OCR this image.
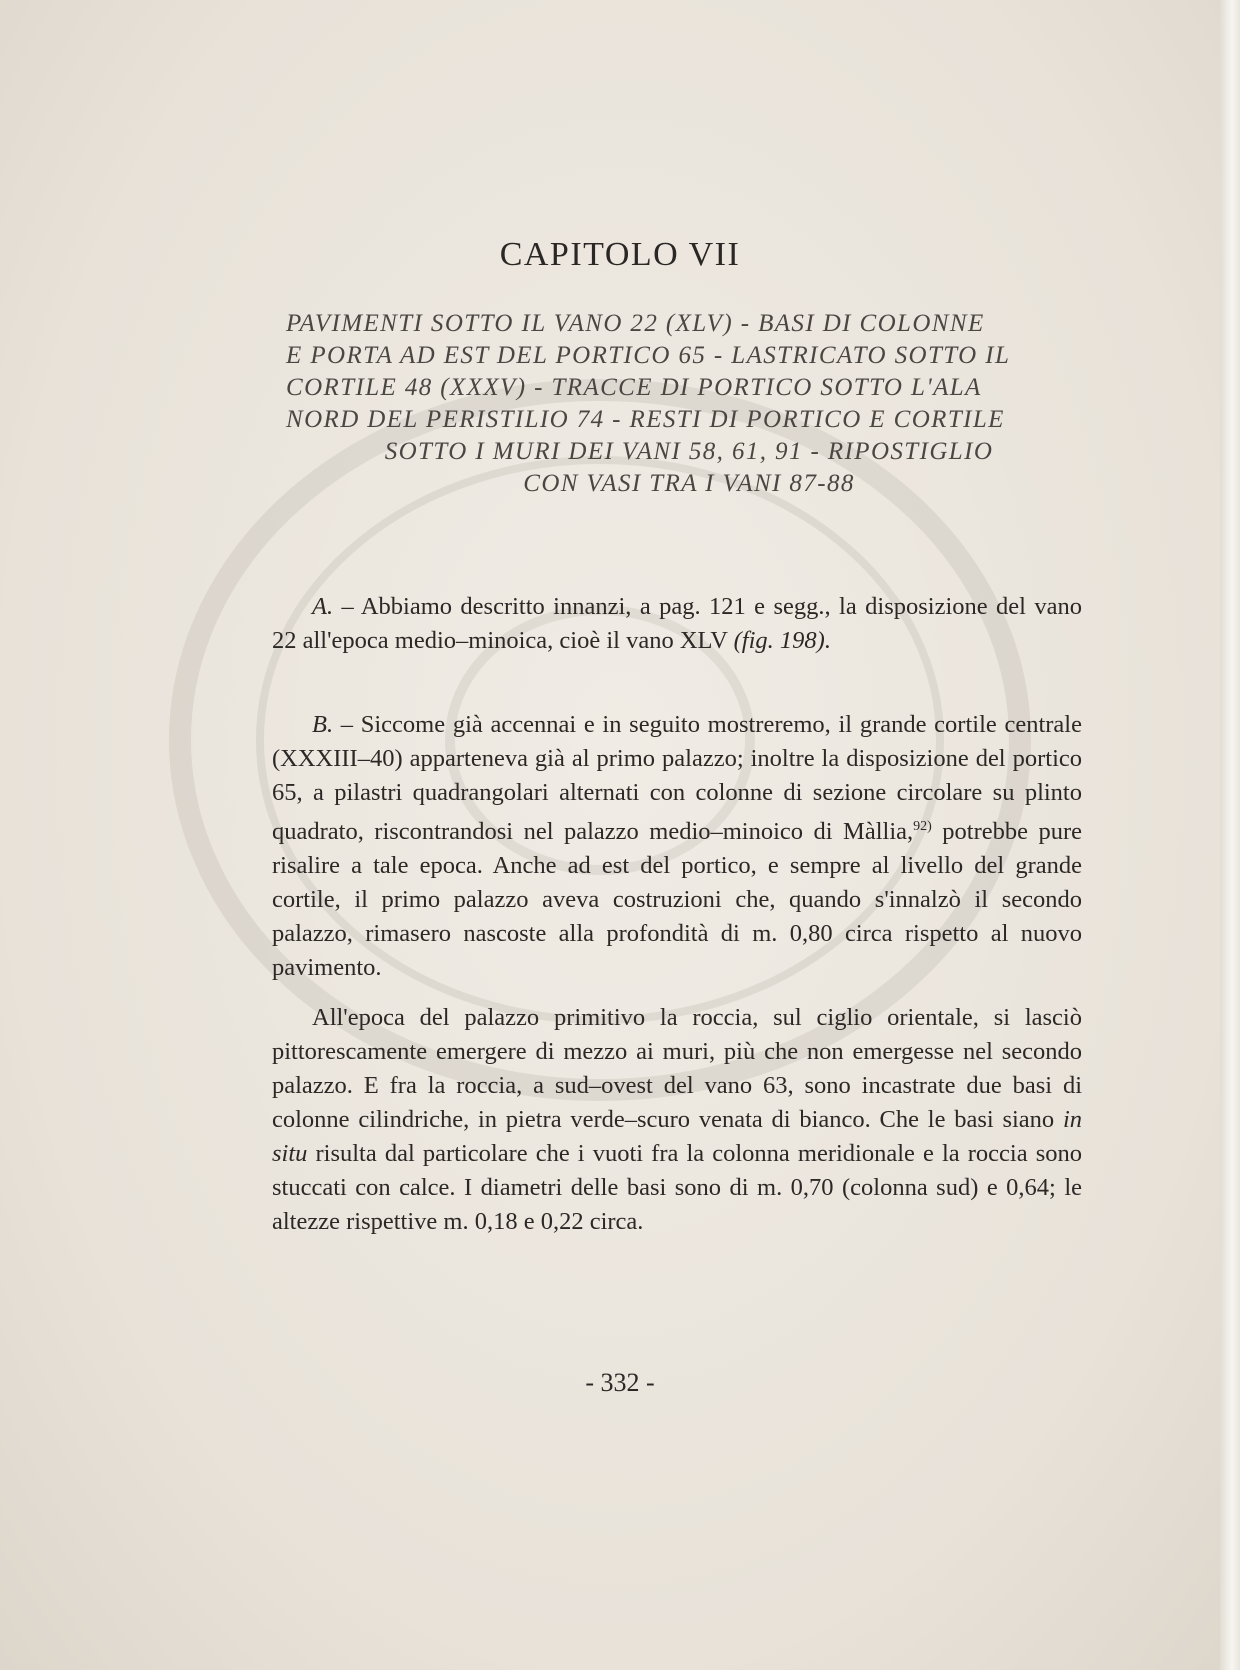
CAPITOLO VII
PAVIMENTI SOTTO IL VANO 22 (XLV) - BASI DI COLONNE
E PORTA AD EST DEL PORTICO 65 - LASTRICATO SOTTO IL
CORTILE 48 (XXXV) - TRACCE DI PORTICO SOTTO L'ALA
NORD DEL PERISTILIO 74 - RESTI DI PORTICO E CORTILE
SOTTO I MURI DEI VANI 58, 61, 91 - RIPOSTIGLIO
CON VASI TRA I VANI 87-88

A. – Abbiamo descritto innanzi, a pag. 121 e segg., la disposizione del vano 22 all'epoca medio–minoica, cioè il vano XLV (fig. 198).

B. – Siccome già accennai e in seguito mostreremo, il grande cortile centrale (XXXIII–40) apparteneva già al primo palazzo; inoltre la disposizione del portico 65, a pilastri quadrangolari alternati con colonne di sezione circolare su plinto quadrato, riscontrandosi nel palazzo medio–minoico di Màllia,$^{92)}$ potrebbe pure risalire a tale epoca. Anche ad est del portico, e sempre al livello del grande cortile, il primo palazzo aveva costruzioni che, quando s'innalzò il secondo palazzo, rimasero nascoste alla profondità di m. 0,80 circa rispetto al nuovo pavimento.

All'epoca del palazzo primitivo la roccia, sul ciglio orientale, si lasciò pittorescamente emergere di mezzo ai muri, più che non emergesse nel secondo palazzo. E fra la roccia, a sud–ovest del vano 63, sono incastrate due basi di colonne cilindriche, in pietra verde–scuro venata di bianco. Che le basi siano in situ risulta dal particolare che i vuoti fra la colonna meridionale e la roccia sono stuccati con calce. I diametri delle basi sono di m. 0,70 (colonna sud) e 0,64; le altezze rispettive m. 0,18 e 0,22 circa.

- 332 -
